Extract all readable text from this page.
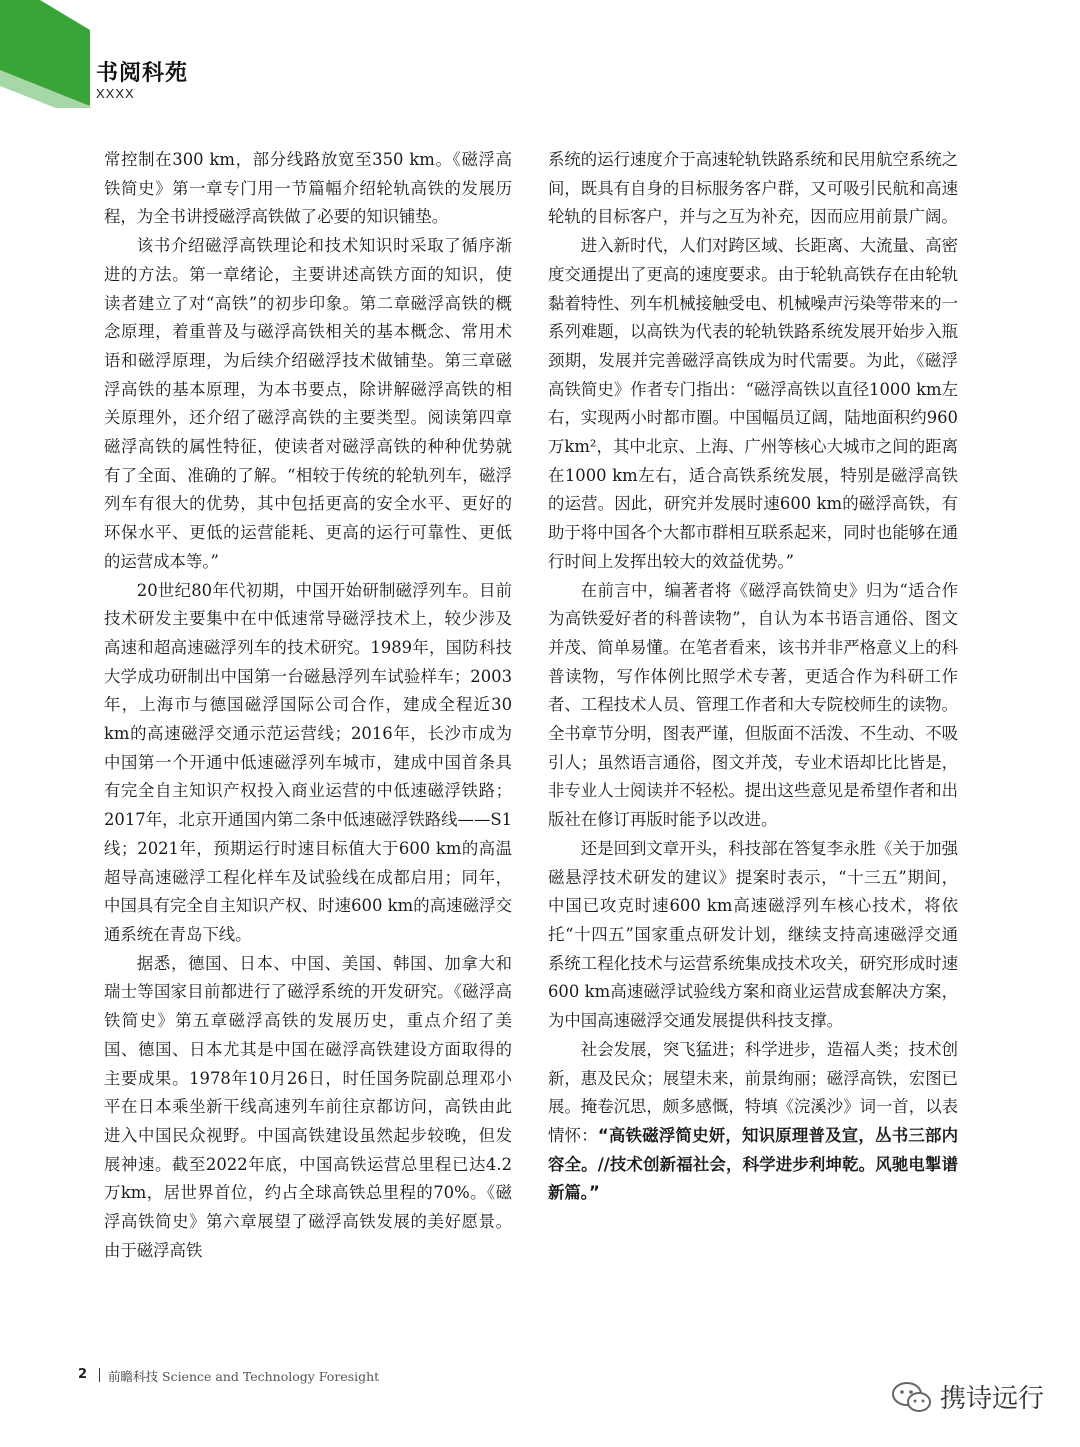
书阅科苑
XXXX

常控制在300 km，部分线路放宽至350 km。《磁浮高铁简史》第一章专门用一节篇幅介绍轮轨高铁的发展历程，为全书讲授磁浮高铁做了必要的知识铺垫。

该书介绍磁浮高铁理论和技术知识时采取了循序渐进的方法。第一章绪论，主要讲述高铁方面的知识，使读者建立了对“高铁”的初步印象。第二章磁浮高铁的概念原理，着重普及与磁浮高铁相关的基本概念、常用术语和磁浮原理，为后续介绍磁浮技术做铺垫。第三章磁浮高铁的基本原理，为本书要点，除讲解磁浮高铁的相关原理外，还介绍了磁浮高铁的主要类型。阅读第四章磁浮高铁的属性特征，使读者对磁浮高铁的种种优势就有了全面、准确的了解。“相较于传统的轮轨列车，磁浮列车有很大的优势，其中包括更高的安全水平、更好的环保水平、更低的运营能耗、更高的运行可靠性、更低的运营成本等。”

20世纪80年代初期，中国开始研制磁浮列车。目前技术研发主要集中在中低速常导磁浮技术上，较少涉及高速和超高速磁浮列车的技术研究。1989年，国防科技大学成功研制出中国第一台磁悬浮列车试验样车；2003年，上海市与德国磁浮国际公司合作，建成全程近30 km的高速磁浮交通示范运营线；2016年，长沙市成为中国第一个开通中低速磁浮列车城市，建成中国首条具有完全自主知识产权投入商业运营的中低速磁浮铁路；2017年，北京开通国内第二条中低速磁浮铁路线——S1线；2021年，预期运行时速目标值大于600 km的高温超导高速磁浮工程化样车及试验线在成都启用；同年，中国具有完全自主知识产权、时速600 km的高速磁浮交通系统在青岛下线。

据悉，德国、日本、中国、美国、韩国、加拿大和瑞士等国家目前都进行了磁浮系统的开发研究。《磁浮高铁简史》第五章磁浮高铁的发展历史，重点介绍了美国、德国、日本尤其是中国在磁浮高铁建设方面取得的主要成果。1978年10月26日，时任国务院副总理邓小平在日本乘坐新干线高速列车前往京都访问，高铁由此进入中国民众视野。中国高铁建设虽然起步较晚，但发展神速。截至2022年底，中国高铁运营总里程已达4.2万km，居世界首位，约占全球高铁总里程的70%。《磁浮高铁简史》第六章展望了磁浮高铁发展的美好愿景。由于磁浮高铁

系统的运行速度介于高速轮轨铁路系统和民用航空系统之间，既具有自身的目标服务客户群，又可吸引民航和高速轮轨的目标客户，并与之互为补充，因而应用前景广阔。

进入新时代，人们对跨区域、长距离、大流量、高密度交通提出了更高的速度要求。由于轮轨高铁存在由轮轨黏着特性、列车机械接触受电、机械噪声污染等带来的一系列难题，以高铁为代表的轮轨铁路系统发展开始步入瓶颈期，发展并完善磁浮高铁成为时代需要。为此，《磁浮高铁简史》作者专门指出：“磁浮高铁以直径1000 km左右，实现两小时都市圈。中国幅员辽阔，陆地面积约960万km²，其中北京、上海、广州等核心大城市之间的距离在1000 km左右，适合高铁系统发展，特别是磁浮高铁的运营。因此，研究并发展时速600 km的磁浮高铁，有助于将中国各个大都市群相互联系起来，同时也能够在通行时间上发挥出较大的效益优势。”

在前言中，编著者将《磁浮高铁简史》归为“适合作为高铁爱好者的科普读物”，自认为本书语言通俗、图文并茂、简单易懂。在笔者看来，该书并非严格意义上的科普读物，写作体例比照学术专著，更适合作为科研工作者、工程技术人员、管理工作者和大专院校师生的读物。全书章节分明，图表严谨，但版面不活泼、不生动、不吸引人；虽然语言通俗，图文并茂，专业术语却比比皆是，非专业人士阅读并不轻松。提出这些意见是希望作者和出版社在修订再版时能予以改进。

还是回到文章开头，科技部在答复李永胜《关于加强磁悬浮技术研发的建议》提案时表示，“十三五”期间，中国已攻克时速600 km高速磁浮列车核心技术，将依托“十四五”国家重点研发计划，继续支持高速磁浮交通系统工程化技术与运营系统集成技术攻关，研究形成时速600 km高速磁浮试验线方案和商业运营成套解决方案，为中国高速磁浮交通发展提供科技支撑。

社会发展，突飞猛进；科学进步，造福人类；技术创新，惠及民众；展望未来，前景绚丽；磁浮高铁，宏图已展。掩卷沉思，颇多感慨，特填《浣溪沙》词一首，以表情怀：“高铁磁浮简史妍，知识原理普及宣，丛书三部内容全。//技术创新福社会，科学进步利坤乾。风驰电掣谱新篇。”

2 前瞻科技 Science and Technology Foresight
携诗远行
